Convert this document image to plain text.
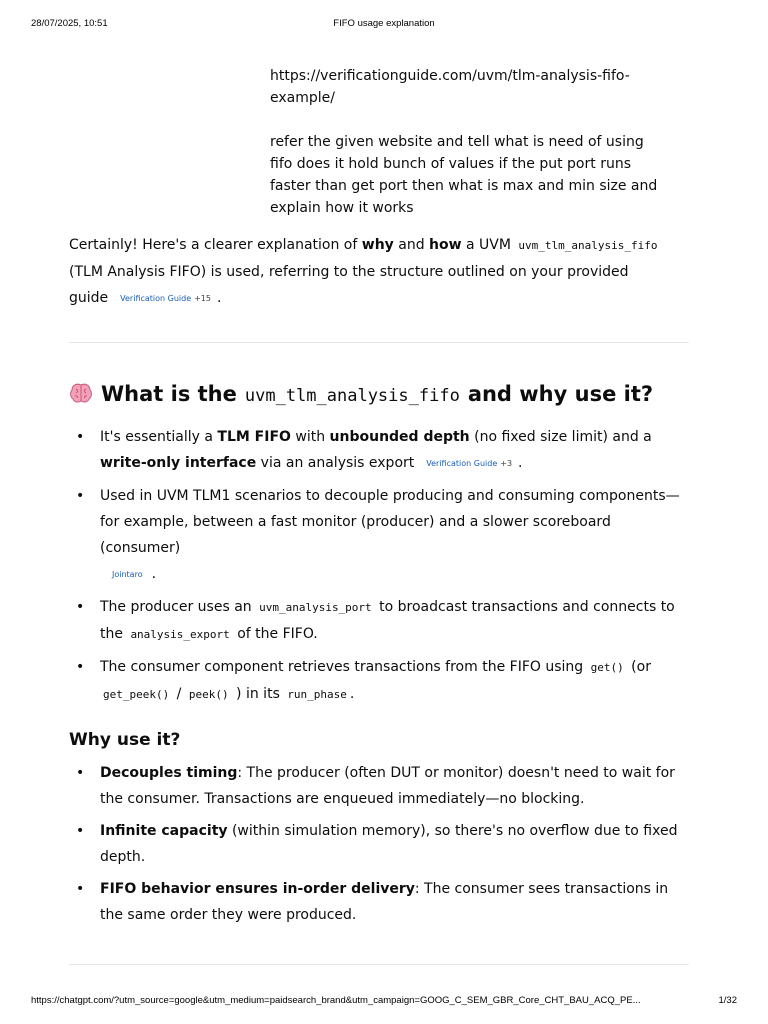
28/07/2025, 10:51	FIFO usage explanation

https://verificationguide.com/uvm/tlm-analysis-fifo-example/

refer the given website and tell what is need of using fifo does it hold bunch of values if the put port runs faster than get port then what is max and min size and explain how it works

Certainly! Here's a clearer explanation of why and how a UVM uvm_tlm_analysis_fifo (TLM Analysis FIFO) is used, referring to the structure outlined on your provided guide Verification Guide +15 .

What is the uvm_tlm_analysis_fifo and why use it?
• It's essentially a TLM FIFO with unbounded depth (no fixed size limit) and a write-only interface via an analysis export Verification Guide +3 .
• Used in UVM TLM1 scenarios to decouple producing and consuming components—for example, between a fast monitor (producer) and a slower scoreboard (consumer)
Jointaro .
• The producer uses an uvm_analysis_port to broadcast transactions and connects to the analysis_export of the FIFO.
• The consumer component retrieves transactions from the FIFO using get() (or get_peek() / peek() ) in its run_phase .
Why use it?
• Decouples timing: The producer (often DUT or monitor) doesn't need to wait for the consumer. Transactions are enqueued immediately—no blocking.
• Infinite capacity (within simulation memory), so there's no overflow due to fixed depth.
• FIFO behavior ensures in-order delivery: The consumer sees transactions in the same order they were produced.
https://chatgpt.com/?utm_source=google&utm_medium=paidsearch_brand&utm_campaign=GOOG_C_SEM_GBR_Core_CHT_BAU_ACQ_PE...	1/32
